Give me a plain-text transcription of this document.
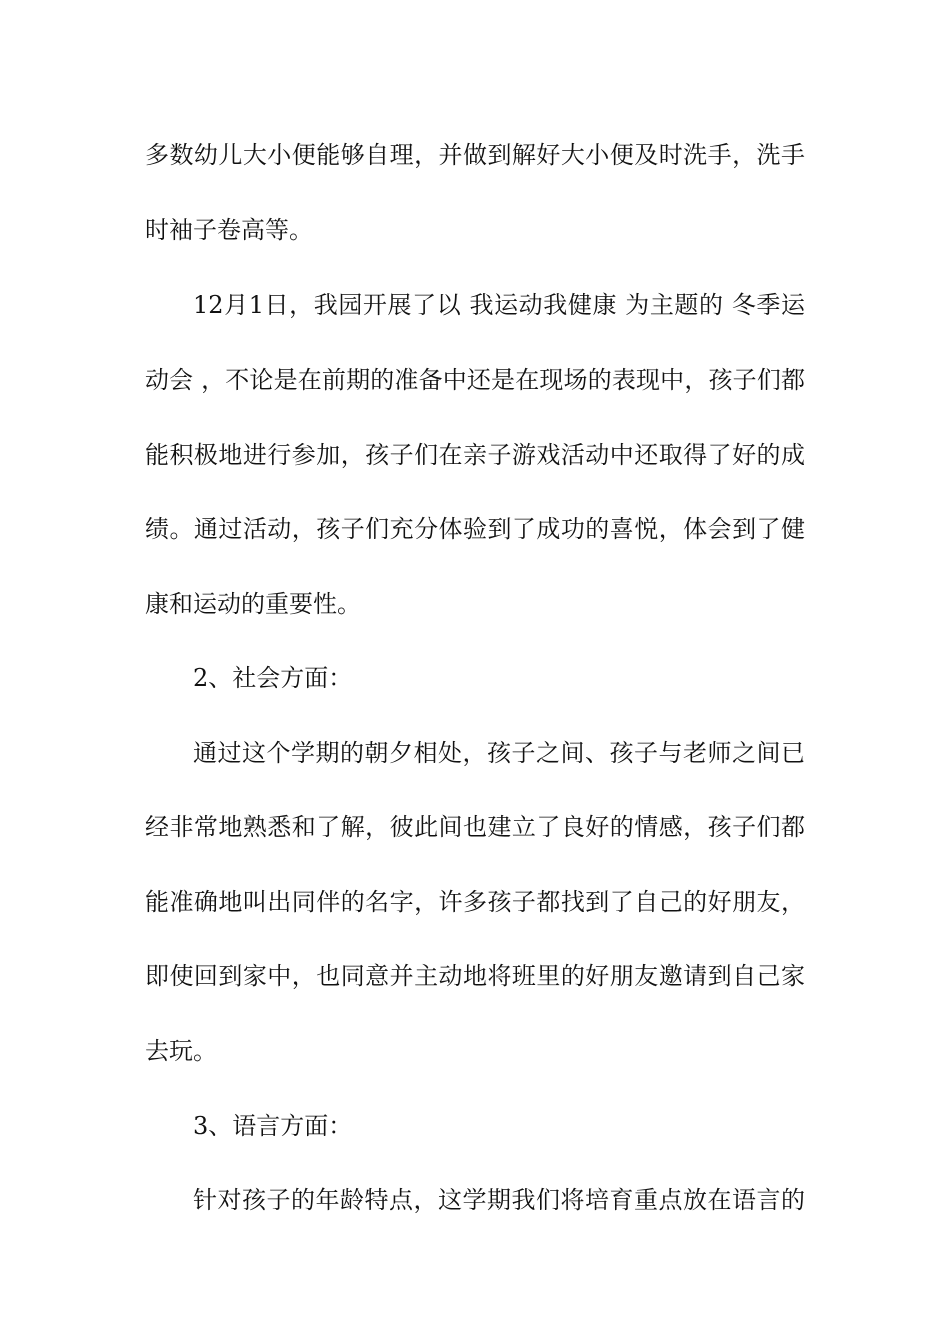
多数幼儿大小便能够自理，并做到解好大小便及时洗手，洗手
时袖子卷高等。
12月1日，我园开展了以 我运动我健康 为主题的 冬季运
动会 ，不论是在前期的准备中还是在现场的表现中，孩子们都
能积极地进行参加，孩子们在亲子游戏活动中还取得了好的成
绩。通过活动，孩子们充分体验到了成功的喜悦，体会到了健
康和运动的重要性。
2、社会方面：
通过这个学期的朝夕相处，孩子之间、孩子与老师之间已
经非常地熟悉和了解，彼此间也建立了良好的情感，孩子们都
能准确地叫出同伴的名字，许多孩子都找到了自己的好朋友，
即使回到家中，也同意并主动地将班里的好朋友邀请到自己家
去玩。
3、语言方面：
针对孩子的年龄特点，这学期我们将培育重点放在语言的
